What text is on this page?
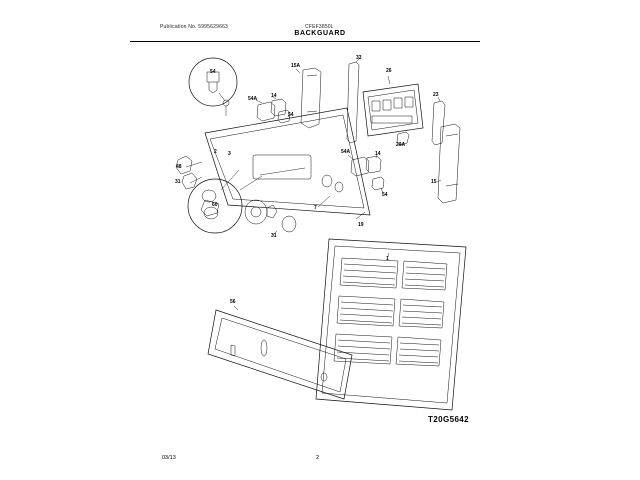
Publication No. 5995629663	CFEF3850L
BACKGUARD
54
15A
33
26
23
54A	14
54
20A
54A	14
54
15
2 3
48
31
60
31
7
19
1
56
T20G5642
03/13	2
